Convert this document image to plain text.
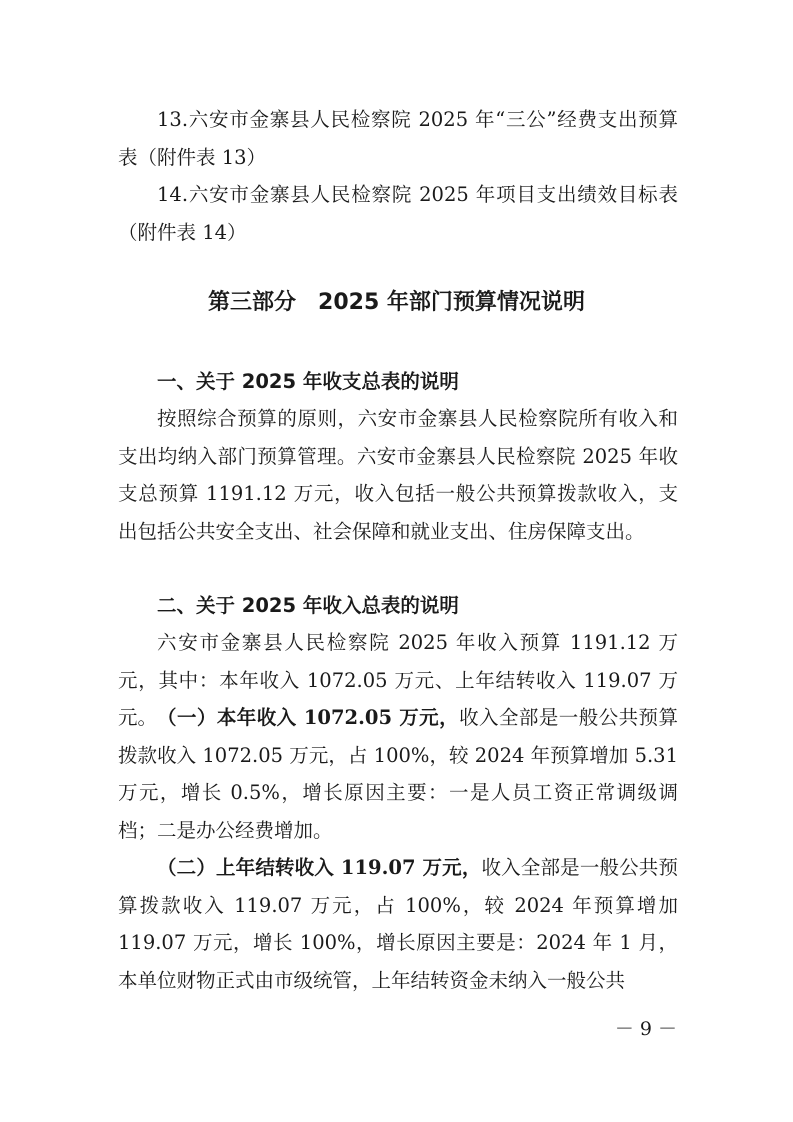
13.六安市金寨县人民检察院 2025 年“三公”经费支出预算表（附件表 13）

14.六安市金寨县人民检察院 2025 年项目支出绩效目标表（附件表 14）

第三部分　2025 年部门预算情况说明
一、关于 2025 年收支总表的说明

按照综合预算的原则，六安市金寨县人民检察院所有收入和支出均纳入部门预算管理。六安市金寨县人民检察院 2025 年收支总预算 1191.12 万元，收入包括一般公共预算拨款收入，支出包括公共安全支出、社会保障和就业支出、住房保障支出。

二、关于 2025 年收入总表的说明

六安市金寨县人民检察院 2025 年收入预算 1191.12 万元，其中：本年收入 1072.05 万元、上年结转收入 119.07 万元。 （一）本年收入 1072.05 万元，收入全部是一般公共预算拨款收入 1072.05 万元，占 100%，较 2024 年预算增加 5.31 万元，增长 0.5%，增长原因主要：一是人员工资正常调级调档；二是办公经费增加。

（二）上年结转收入 119.07 万元，收入全部是一般公共预算拨款收入 119.07 万元，占 100%，较 2024 年预算增加 119.07 万元，增长 100%，增长原因主要是：2024 年 1 月，本单位财物正式由市级统管，上年结转资金未纳入一般公共

－ 9 －
